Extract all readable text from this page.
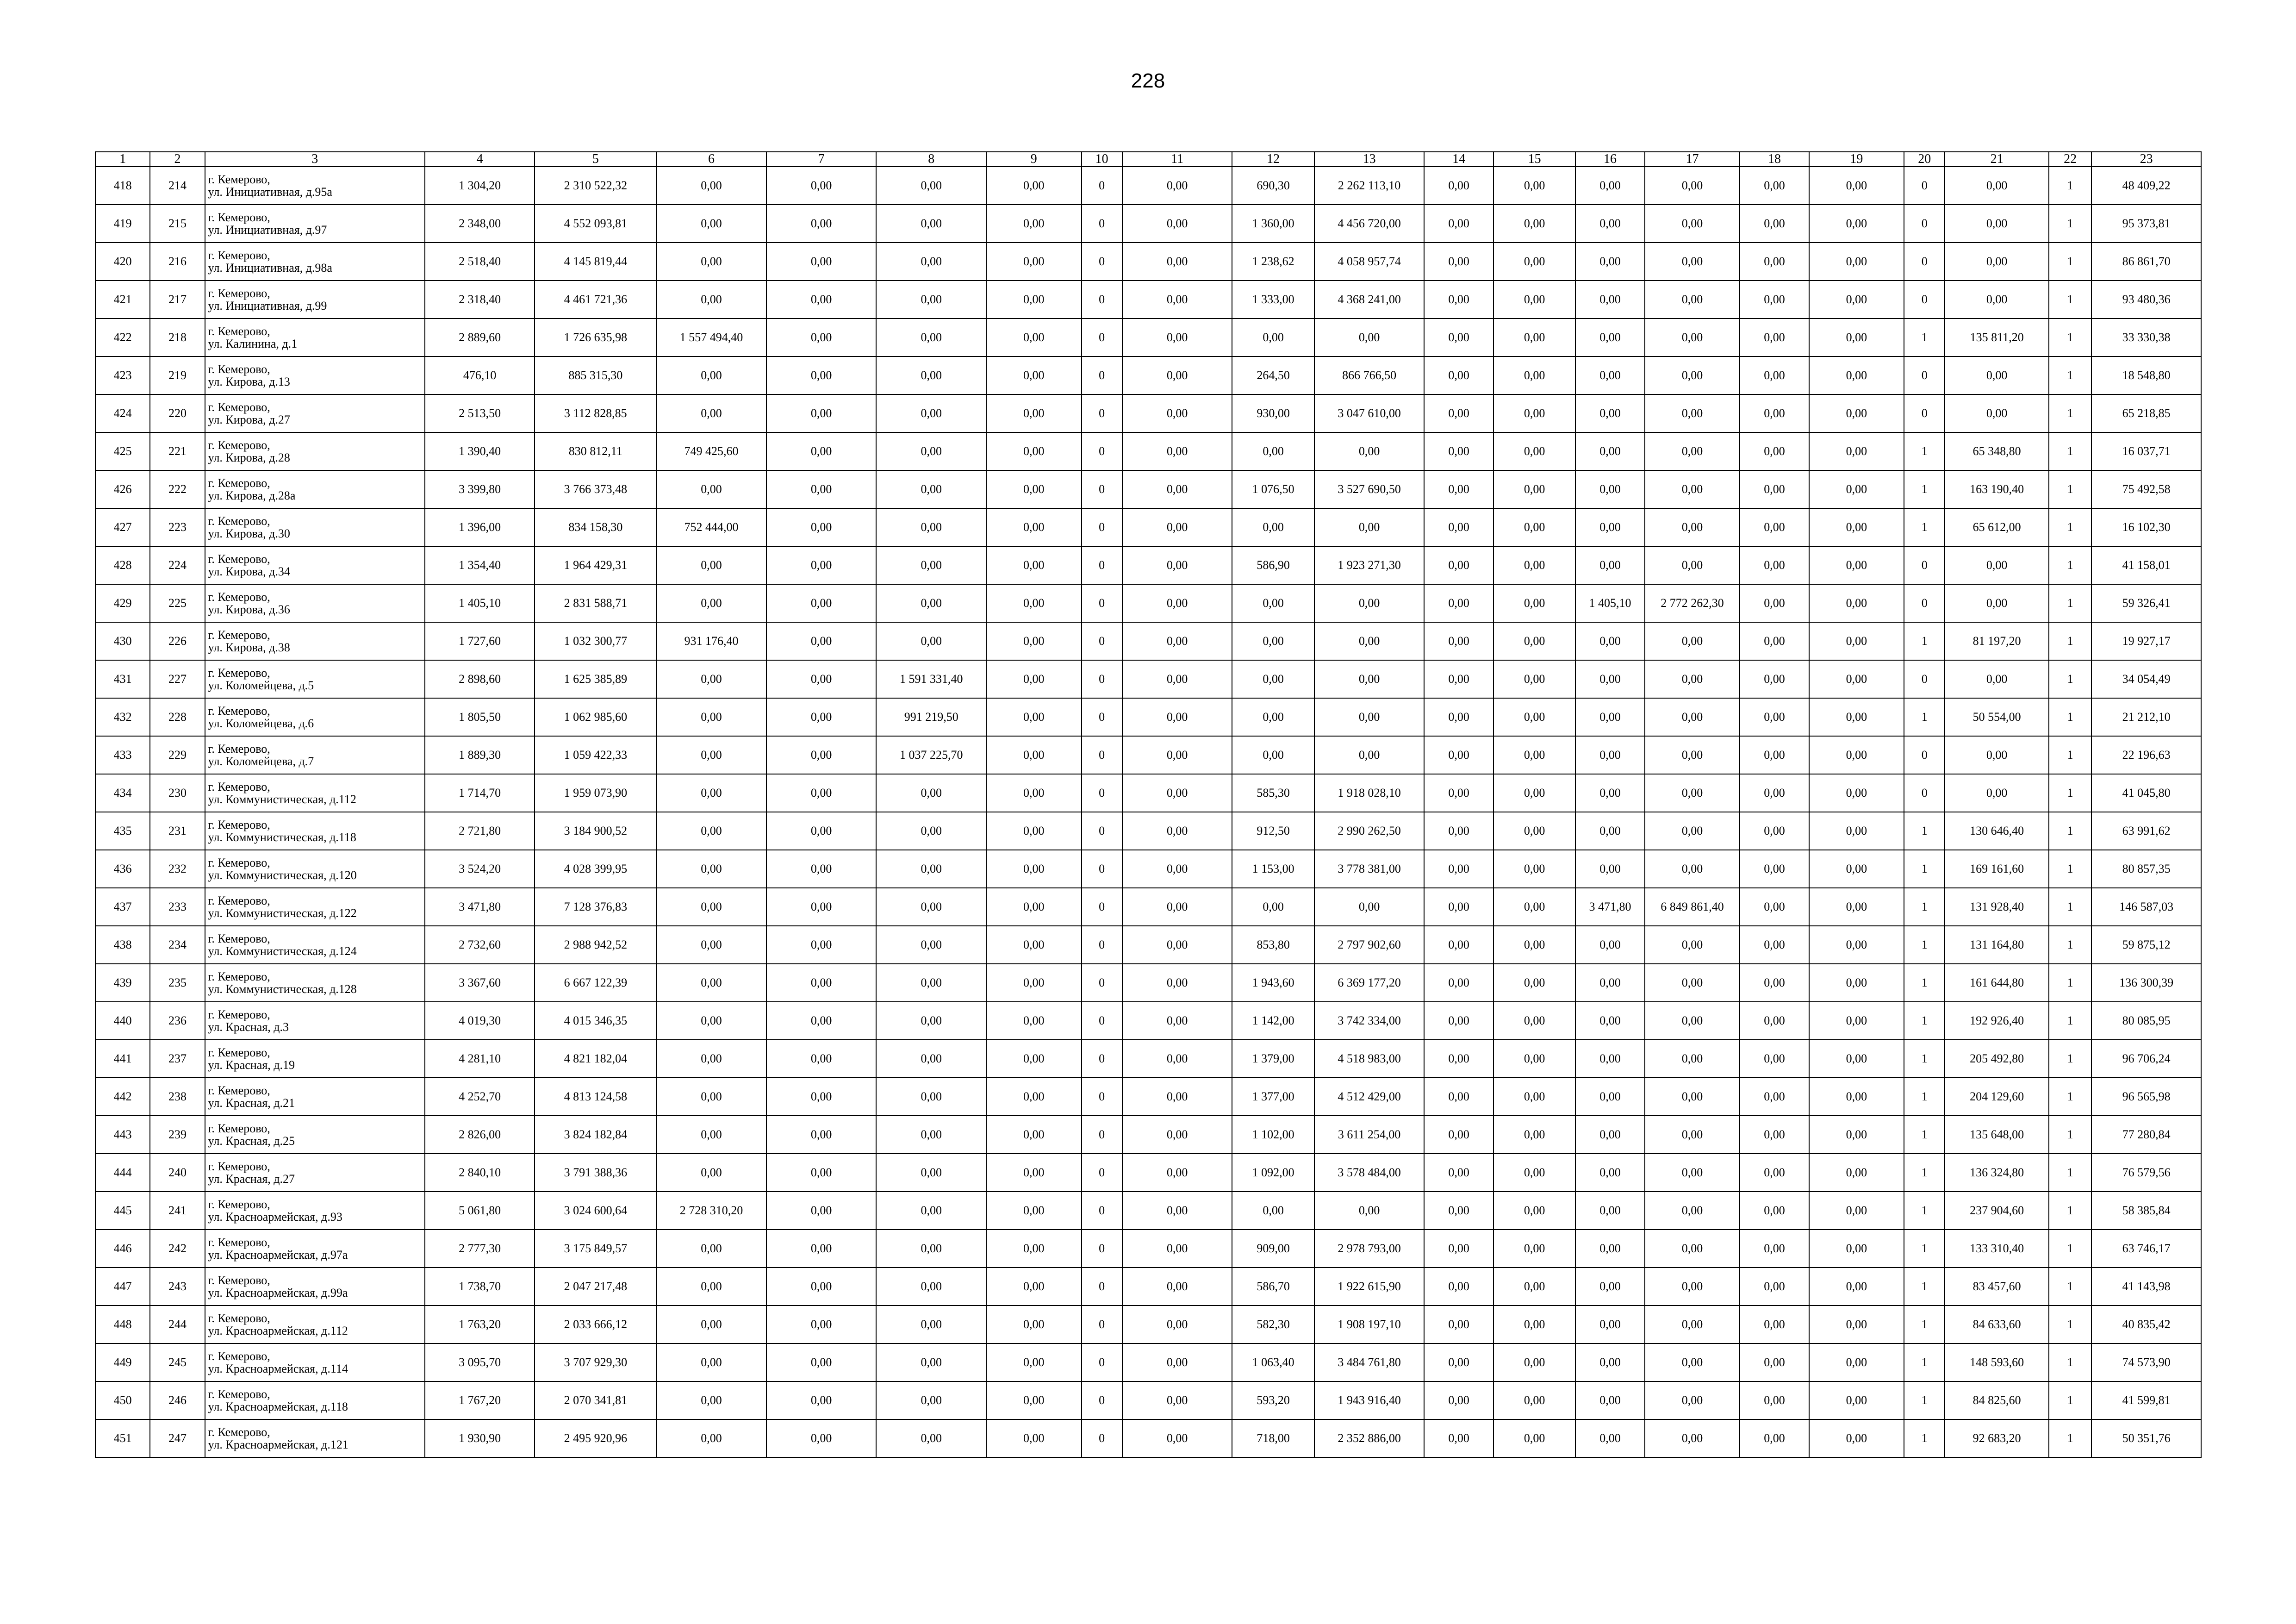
228
1	2	3	4	5	6	7	8	9	10	11	12	13	14	15	16	17	18	19	20	21	22	23
418	214	г. Кемерово,
ул. Инициативная, д.95а	1 304,20	2 310 522,32	0,00	0,00	0,00	0,00	0	0,00	690,30	2 262 113,10	0,00	0,00	0,00	0,00	0,00	0,00	0	0,00	1	48 409,22
419	215	г. Кемерово,
ул. Инициативная, д.97	2 348,00	4 552 093,81	0,00	0,00	0,00	0,00	0	0,00	1 360,00	4 456 720,00	0,00	0,00	0,00	0,00	0,00	0,00	0	0,00	1	95 373,81
420	216	г. Кемерово,
ул. Инициативная, д.98а	2 518,40	4 145 819,44	0,00	0,00	0,00	0,00	0	0,00	1 238,62	4 058 957,74	0,00	0,00	0,00	0,00	0,00	0,00	0	0,00	1	86 861,70
421	217	г. Кемерово,
ул. Инициативная, д.99	2 318,40	4 461 721,36	0,00	0,00	0,00	0,00	0	0,00	1 333,00	4 368 241,00	0,00	0,00	0,00	0,00	0,00	0,00	0	0,00	1	93 480,36
422	218	г. Кемерово,
ул. Калинина, д.1	2 889,60	1 726 635,98	1 557 494,40	0,00	0,00	0,00	0	0,00	0,00	0,00	0,00	0,00	0,00	0,00	0,00	0,00	1	135 811,20	1	33 330,38
423	219	г. Кемерово,
ул. Кирова, д.13	476,10	885 315,30	0,00	0,00	0,00	0,00	0	0,00	264,50	866 766,50	0,00	0,00	0,00	0,00	0,00	0,00	0	0,00	1	18 548,80
424	220	г. Кемерово,
ул. Кирова, д.27	2 513,50	3 112 828,85	0,00	0,00	0,00	0,00	0	0,00	930,00	3 047 610,00	0,00	0,00	0,00	0,00	0,00	0,00	0	0,00	1	65 218,85
425	221	г. Кемерово,
ул. Кирова, д.28	1 390,40	830 812,11	749 425,60	0,00	0,00	0,00	0	0,00	0,00	0,00	0,00	0,00	0,00	0,00	0,00	0,00	1	65 348,80	1	16 037,71
426	222	г. Кемерово,
ул. Кирова, д.28а	3 399,80	3 766 373,48	0,00	0,00	0,00	0,00	0	0,00	1 076,50	3 527 690,50	0,00	0,00	0,00	0,00	0,00	0,00	1	163 190,40	1	75 492,58
427	223	г. Кемерово,
ул. Кирова, д.30	1 396,00	834 158,30	752 444,00	0,00	0,00	0,00	0	0,00	0,00	0,00	0,00	0,00	0,00	0,00	0,00	0,00	1	65 612,00	1	16 102,30
428	224	г. Кемерово,
ул. Кирова, д.34	1 354,40	1 964 429,31	0,00	0,00	0,00	0,00	0	0,00	586,90	1 923 271,30	0,00	0,00	0,00	0,00	0,00	0,00	0	0,00	1	41 158,01
429	225	г. Кемерово,
ул. Кирова, д.36	1 405,10	2 831 588,71	0,00	0,00	0,00	0,00	0	0,00	0,00	0,00	0,00	0,00	1 405,10	2 772 262,30	0,00	0,00	0	0,00	1	59 326,41
430	226	г. Кемерово,
ул. Кирова, д.38	1 727,60	1 032 300,77	931 176,40	0,00	0,00	0,00	0	0,00	0,00	0,00	0,00	0,00	0,00	0,00	0,00	0,00	1	81 197,20	1	19 927,17
431	227	г. Кемерово,
ул. Коломейцева, д.5	2 898,60	1 625 385,89	0,00	0,00	1 591 331,40	0,00	0	0,00	0,00	0,00	0,00	0,00	0,00	0,00	0,00	0,00	0	0,00	1	34 054,49
432	228	г. Кемерово,
ул. Коломейцева, д.6	1 805,50	1 062 985,60	0,00	0,00	991 219,50	0,00	0	0,00	0,00	0,00	0,00	0,00	0,00	0,00	0,00	0,00	1	50 554,00	1	21 212,10
433	229	г. Кемерово,
ул. Коломейцева, д.7	1 889,30	1 059 422,33	0,00	0,00	1 037 225,70	0,00	0	0,00	0,00	0,00	0,00	0,00	0,00	0,00	0,00	0,00	0	0,00	1	22 196,63
434	230	г. Кемерово,
ул. Коммунистическая, д.112	1 714,70	1 959 073,90	0,00	0,00	0,00	0,00	0	0,00	585,30	1 918 028,10	0,00	0,00	0,00	0,00	0,00	0,00	0	0,00	1	41 045,80
435	231	г. Кемерово,
ул. Коммунистическая, д.118	2 721,80	3 184 900,52	0,00	0,00	0,00	0,00	0	0,00	912,50	2 990 262,50	0,00	0,00	0,00	0,00	0,00	0,00	1	130 646,40	1	63 991,62
436	232	г. Кемерово,
ул. Коммунистическая, д.120	3 524,20	4 028 399,95	0,00	0,00	0,00	0,00	0	0,00	1 153,00	3 778 381,00	0,00	0,00	0,00	0,00	0,00	0,00	1	169 161,60	1	80 857,35
437	233	г. Кемерово,
ул. Коммунистическая, д.122	3 471,80	7 128 376,83	0,00	0,00	0,00	0,00	0	0,00	0,00	0,00	0,00	0,00	3 471,80	6 849 861,40	0,00	0,00	1	131 928,40	1	146 587,03
438	234	г. Кемерово,
ул. Коммунистическая, д.124	2 732,60	2 988 942,52	0,00	0,00	0,00	0,00	0	0,00	853,80	2 797 902,60	0,00	0,00	0,00	0,00	0,00	0,00	1	131 164,80	1	59 875,12
439	235	г. Кемерово,
ул. Коммунистическая, д.128	3 367,60	6 667 122,39	0,00	0,00	0,00	0,00	0	0,00	1 943,60	6 369 177,20	0,00	0,00	0,00	0,00	0,00	0,00	1	161 644,80	1	136 300,39
440	236	г. Кемерово,
ул. Красная, д.3	4 019,30	4 015 346,35	0,00	0,00	0,00	0,00	0	0,00	1 142,00	3 742 334,00	0,00	0,00	0,00	0,00	0,00	0,00	1	192 926,40	1	80 085,95
441	237	г. Кемерово,
ул. Красная, д.19	4 281,10	4 821 182,04	0,00	0,00	0,00	0,00	0	0,00	1 379,00	4 518 983,00	0,00	0,00	0,00	0,00	0,00	0,00	1	205 492,80	1	96 706,24
442	238	г. Кемерово,
ул. Красная, д.21	4 252,70	4 813 124,58	0,00	0,00	0,00	0,00	0	0,00	1 377,00	4 512 429,00	0,00	0,00	0,00	0,00	0,00	0,00	1	204 129,60	1	96 565,98
443	239	г. Кемерово,
ул. Красная, д.25	2 826,00	3 824 182,84	0,00	0,00	0,00	0,00	0	0,00	1 102,00	3 611 254,00	0,00	0,00	0,00	0,00	0,00	0,00	1	135 648,00	1	77 280,84
444	240	г. Кемерово,
ул. Красная, д.27	2 840,10	3 791 388,36	0,00	0,00	0,00	0,00	0	0,00	1 092,00	3 578 484,00	0,00	0,00	0,00	0,00	0,00	0,00	1	136 324,80	1	76 579,56
445	241	г. Кемерово,
ул. Красноармейская, д.93	5 061,80	3 024 600,64	2 728 310,20	0,00	0,00	0,00	0	0,00	0,00	0,00	0,00	0,00	0,00	0,00	0,00	0,00	1	237 904,60	1	58 385,84
446	242	г. Кемерово,
ул. Красноармейская, д.97а	2 777,30	3 175 849,57	0,00	0,00	0,00	0,00	0	0,00	909,00	2 978 793,00	0,00	0,00	0,00	0,00	0,00	0,00	1	133 310,40	1	63 746,17
447	243	г. Кемерово,
ул. Красноармейская, д.99а	1 738,70	2 047 217,48	0,00	0,00	0,00	0,00	0	0,00	586,70	1 922 615,90	0,00	0,00	0,00	0,00	0,00	0,00	1	83 457,60	1	41 143,98
448	244	г. Кемерово,
ул. Красноармейская, д.112	1 763,20	2 033 666,12	0,00	0,00	0,00	0,00	0	0,00	582,30	1 908 197,10	0,00	0,00	0,00	0,00	0,00	0,00	1	84 633,60	1	40 835,42
449	245	г. Кемерово,
ул. Красноармейская, д.114	3 095,70	3 707 929,30	0,00	0,00	0,00	0,00	0	0,00	1 063,40	3 484 761,80	0,00	0,00	0,00	0,00	0,00	0,00	1	148 593,60	1	74 573,90
450	246	г. Кемерово,
ул. Красноармейская, д.118	1 767,20	2 070 341,81	0,00	0,00	0,00	0,00	0	0,00	593,20	1 943 916,40	0,00	0,00	0,00	0,00	0,00	0,00	1	84 825,60	1	41 599,81
451	247	г. Кемерово,
ул. Красноармейская, д.121	1 930,90	2 495 920,96	0,00	0,00	0,00	0,00	0	0,00	718,00	2 352 886,00	0,00	0,00	0,00	0,00	0,00	0,00	1	92 683,20	1	50 351,76
